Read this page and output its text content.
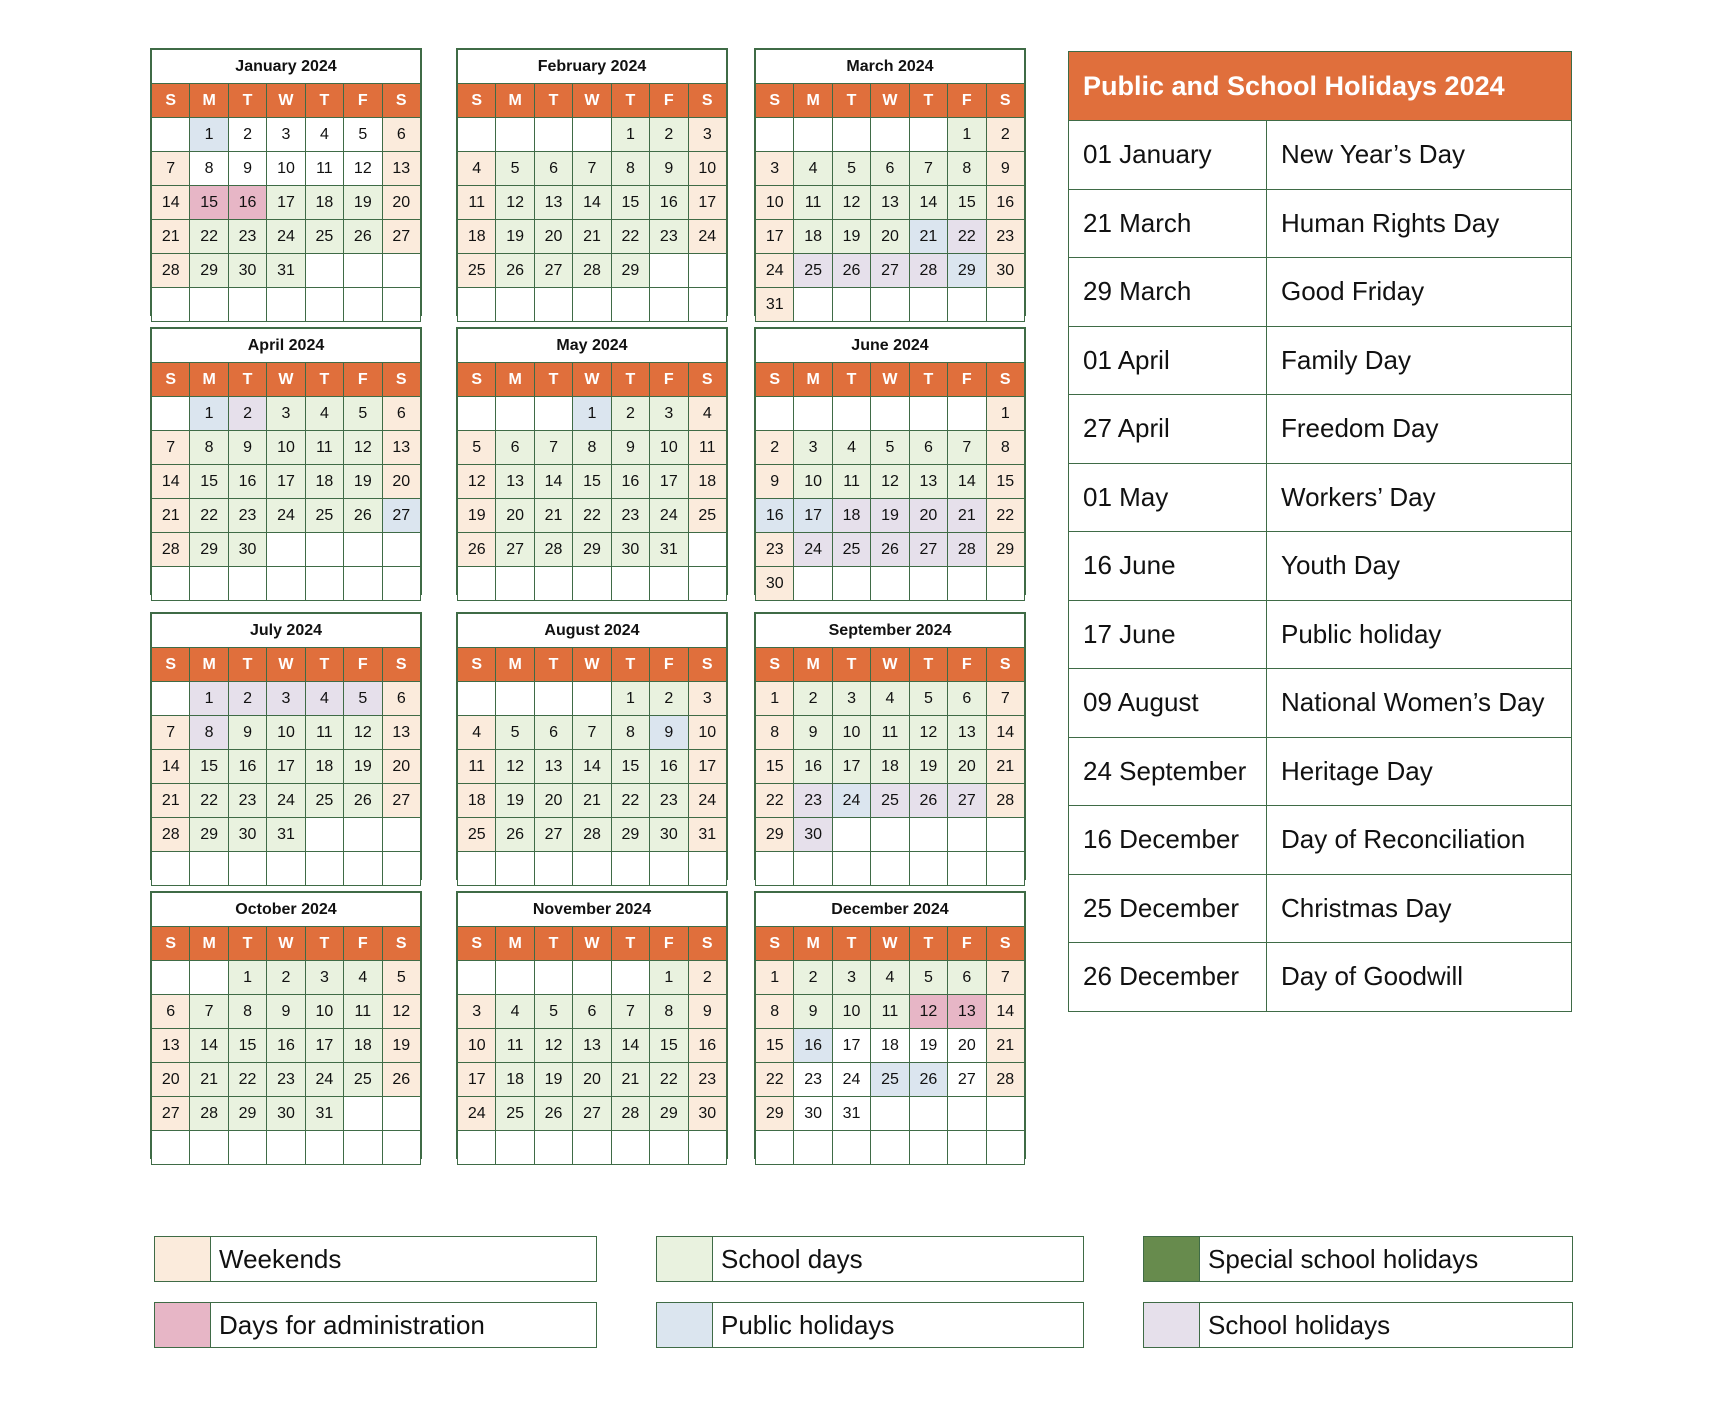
January 2024						
S	M	T	W	T	F	S
	1	2	3	4	5	6
7	8	9	10	11	12	13
14	15	16	17	18	19	20
21	22	23	24	25	26	27
28	29	30	31			

February 2024						
S	M	T	W	T	F	S
				1	2	3
4	5	6	7	8	9	10
11	12	13	14	15	16	17
18	19	20	21	22	23	24
25	26	27	28	29		

March 2024						
S	M	T	W	T	F	S
					1	2
3	4	5	6	7	8	9
10	11	12	13	14	15	16
17	18	19	20	21	22	23
24	25	26	27	28	29	30
31						
April 2024						
S	M	T	W	T	F	S
	1	2	3	4	5	6
7	8	9	10	11	12	13
14	15	16	17	18	19	20
21	22	23	24	25	26	27
28	29	30				

May 2024						
S	M	T	W	T	F	S
			1	2	3	4
5	6	7	8	9	10	11
12	13	14	15	16	17	18
19	20	21	22	23	24	25
26	27	28	29	30	31	

June 2024						
S	M	T	W	T	F	S
						1
2	3	4	5	6	7	8
9	10	11	12	13	14	15
16	17	18	19	20	21	22
23	24	25	26	27	28	29
30						
July 2024						
S	M	T	W	T	F	S
	1	2	3	4	5	6
7	8	9	10	11	12	13
14	15	16	17	18	19	20
21	22	23	24	25	26	27
28	29	30	31			

August 2024						
S	M	T	W	T	F	S
				1	2	3
4	5	6	7	8	9	10
11	12	13	14	15	16	17
18	19	20	21	22	23	24
25	26	27	28	29	30	31

September 2024						
S	M	T	W	T	F	S
1	2	3	4	5	6	7
8	9	10	11	12	13	14
15	16	17	18	19	20	21
22	23	24	25	26	27	28
29	30					

October 2024						
S	M	T	W	T	F	S
		1	2	3	4	5
6	7	8	9	10	11	12
13	14	15	16	17	18	19
20	21	22	23	24	25	26
27	28	29	30	31		

November 2024						
S	M	T	W	T	F	S
					1	2
3	4	5	6	7	8	9
10	11	12	13	14	15	16
17	18	19	20	21	22	23
24	25	26	27	28	29	30

December 2024						
S	M	T	W	T	F	S
1	2	3	4	5	6	7
8	9	10	11	12	13	14
15	16	17	18	19	20	21
22	23	24	25	26	27	28
29	30	31				

Public and School Holidays 2024	
01 January	New Year’s Day
21 March	Human Rights Day
29 March	Good Friday
01 April	Family Day
27 April	Freedom Day
01 May	Workers’ Day
16 June	Youth Day
17 June	Public holiday
09 August	National Women’s Day
24 September	Heritage Day
16 December	Day of Reconciliation
25 December	Christmas Day
26 December	Day of Goodwill
Weekends	School days	Special school holidays
Days for administration	Public holidays	School holidays
